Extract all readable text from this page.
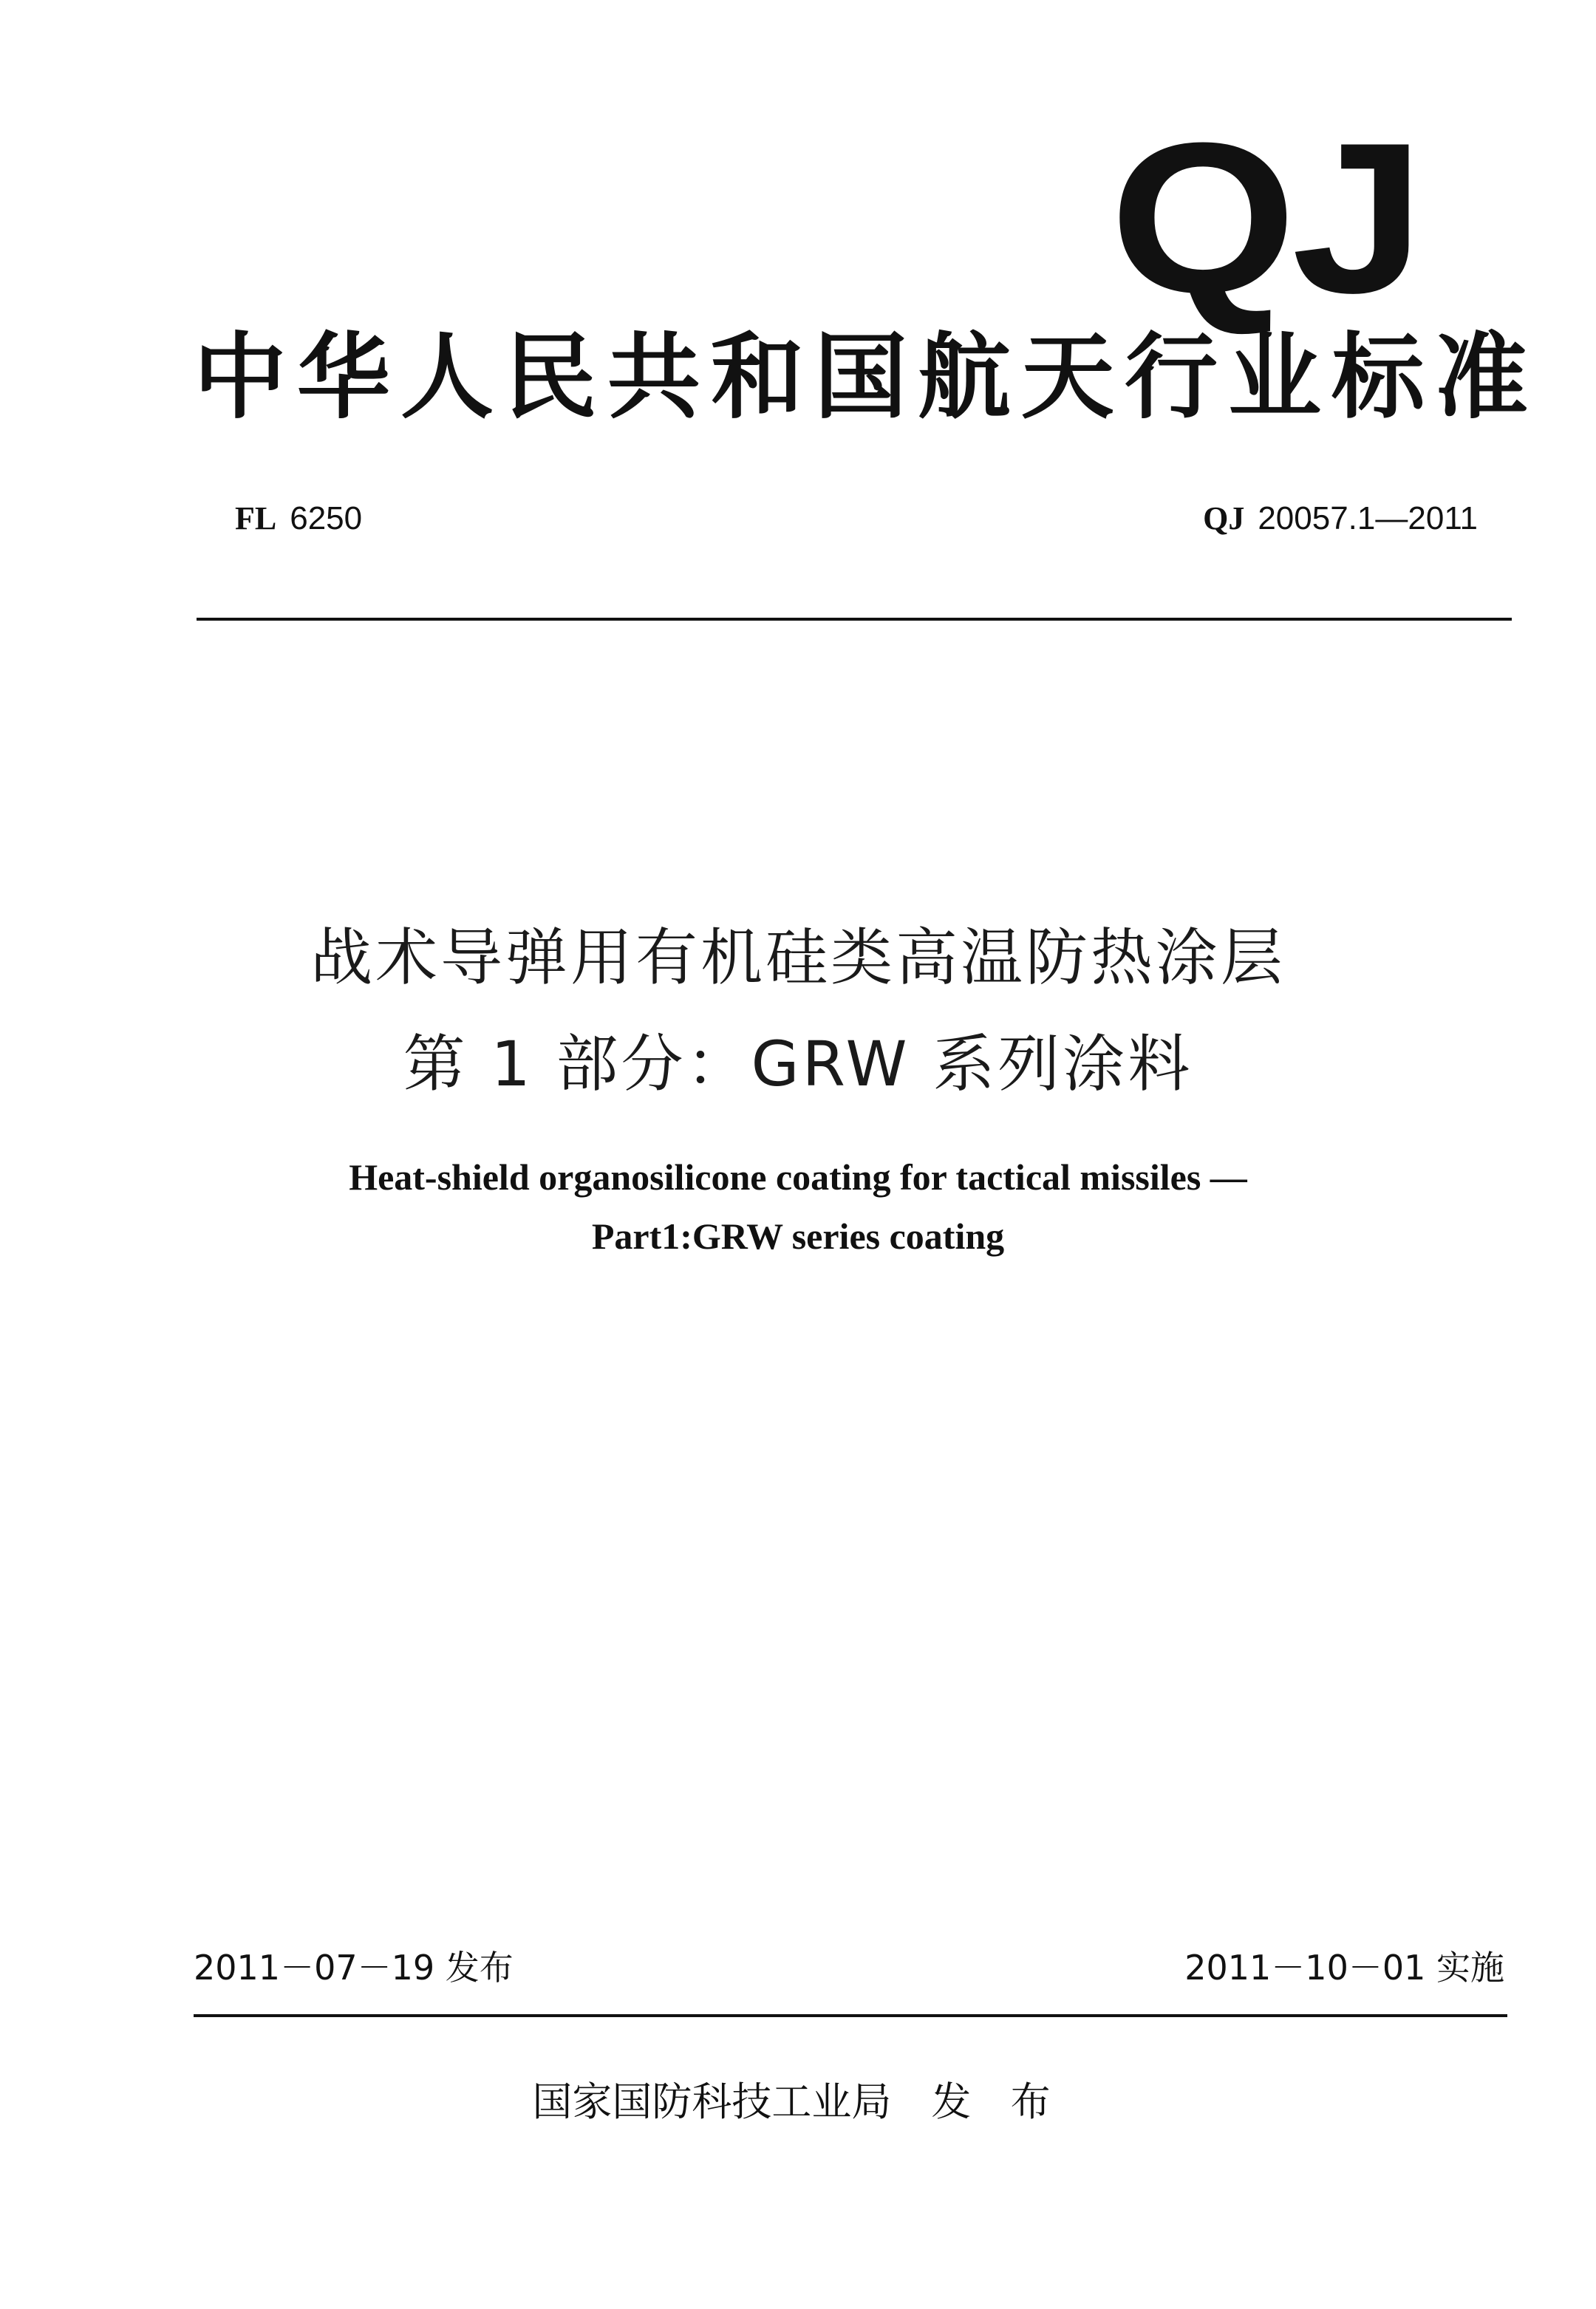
QJ
中华人民共和国航天行业标准
FL 6250	QJ 20057.1—2011
战术导弹用有机硅类高温防热涂层
第 1 部分：GRW 系列涂料
Heat-shield organosilicone coating for tactical missiles —
Part1:GRW series coating
2011－07－19 发布	2011－10－01 实施
国家国防科技工业局 发 布
